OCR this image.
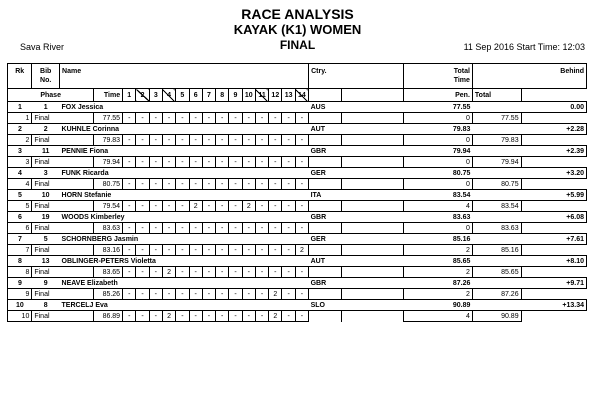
RACE ANALYSIS
KAYAK (K1) WOMEN
FINAL
Sava River	11 Sep 2016 Start Time: 12:03
Rk	Bib
No.	Name																Ctry.		Total
Time	Behind
Phase			Time	1	2	3	4	5	6	7	8	9	10	11	12	13	14			Pen.	Total
1	1	FOX Jessica																AUS		77.55	0.00
1	Final		77.55	-	-	-	-	-	-	-	-	-	-	-	-	-	-			0	77.55
2	2	KUHNLE Corinna																AUT		79.83	+2.28
2	Final		79.83	-	-	-	-	-	-	-	-	-	-	-	-	-	-			0	79.83
3	11	PENNIE Fiona																GBR		79.94	+2.39
3	Final		79.94	-	-	-	-	-	-	-	-	-	-	-	-	-	-			0	79.94
4	3	FUNK Ricarda																GER		80.75	+3.20
4	Final		80.75	-	-	-	-	-	-	-	-	-	-	-	-	-	-			0	80.75
5	10	HORN Stefanie																ITA		83.54	+5.99
5	Final		79.54	-	-	-	-	-	2	-	-	-	2	-	-	-	-			4	83.54
6	19	WOODS Kimberley																GBR		83.63	+6.08
6	Final		83.63	-	-	-	-	-	-	-	-	-	-	-	-	-	-			0	83.63
7	5	SCHORNBERG Jasmin																GER		85.16	+7.61
7	Final		83.16	-	-	-	-	-	-	-	-	-	-	-	-	-	2			2	85.16
8	13	OBLINGER-PETERS Violetta																AUT		85.65	+8.10
8	Final		83.65	-	-	-	2	-	-	-	-	-	-	-	-	-	-			2	85.65
9	9	NEAVE Elizabeth																GBR		87.26	+9.71
9	Final		85.26	-	-	-	-	-	-	-	-	-	-	-	2	-	-			2	87.26
10	8	TERCELJ Eva																SLO		90.89	+13.34
10	Final		86.89	-	-	-	2	-	-	-	-	-	-	-	2	-	-			4	90.89
